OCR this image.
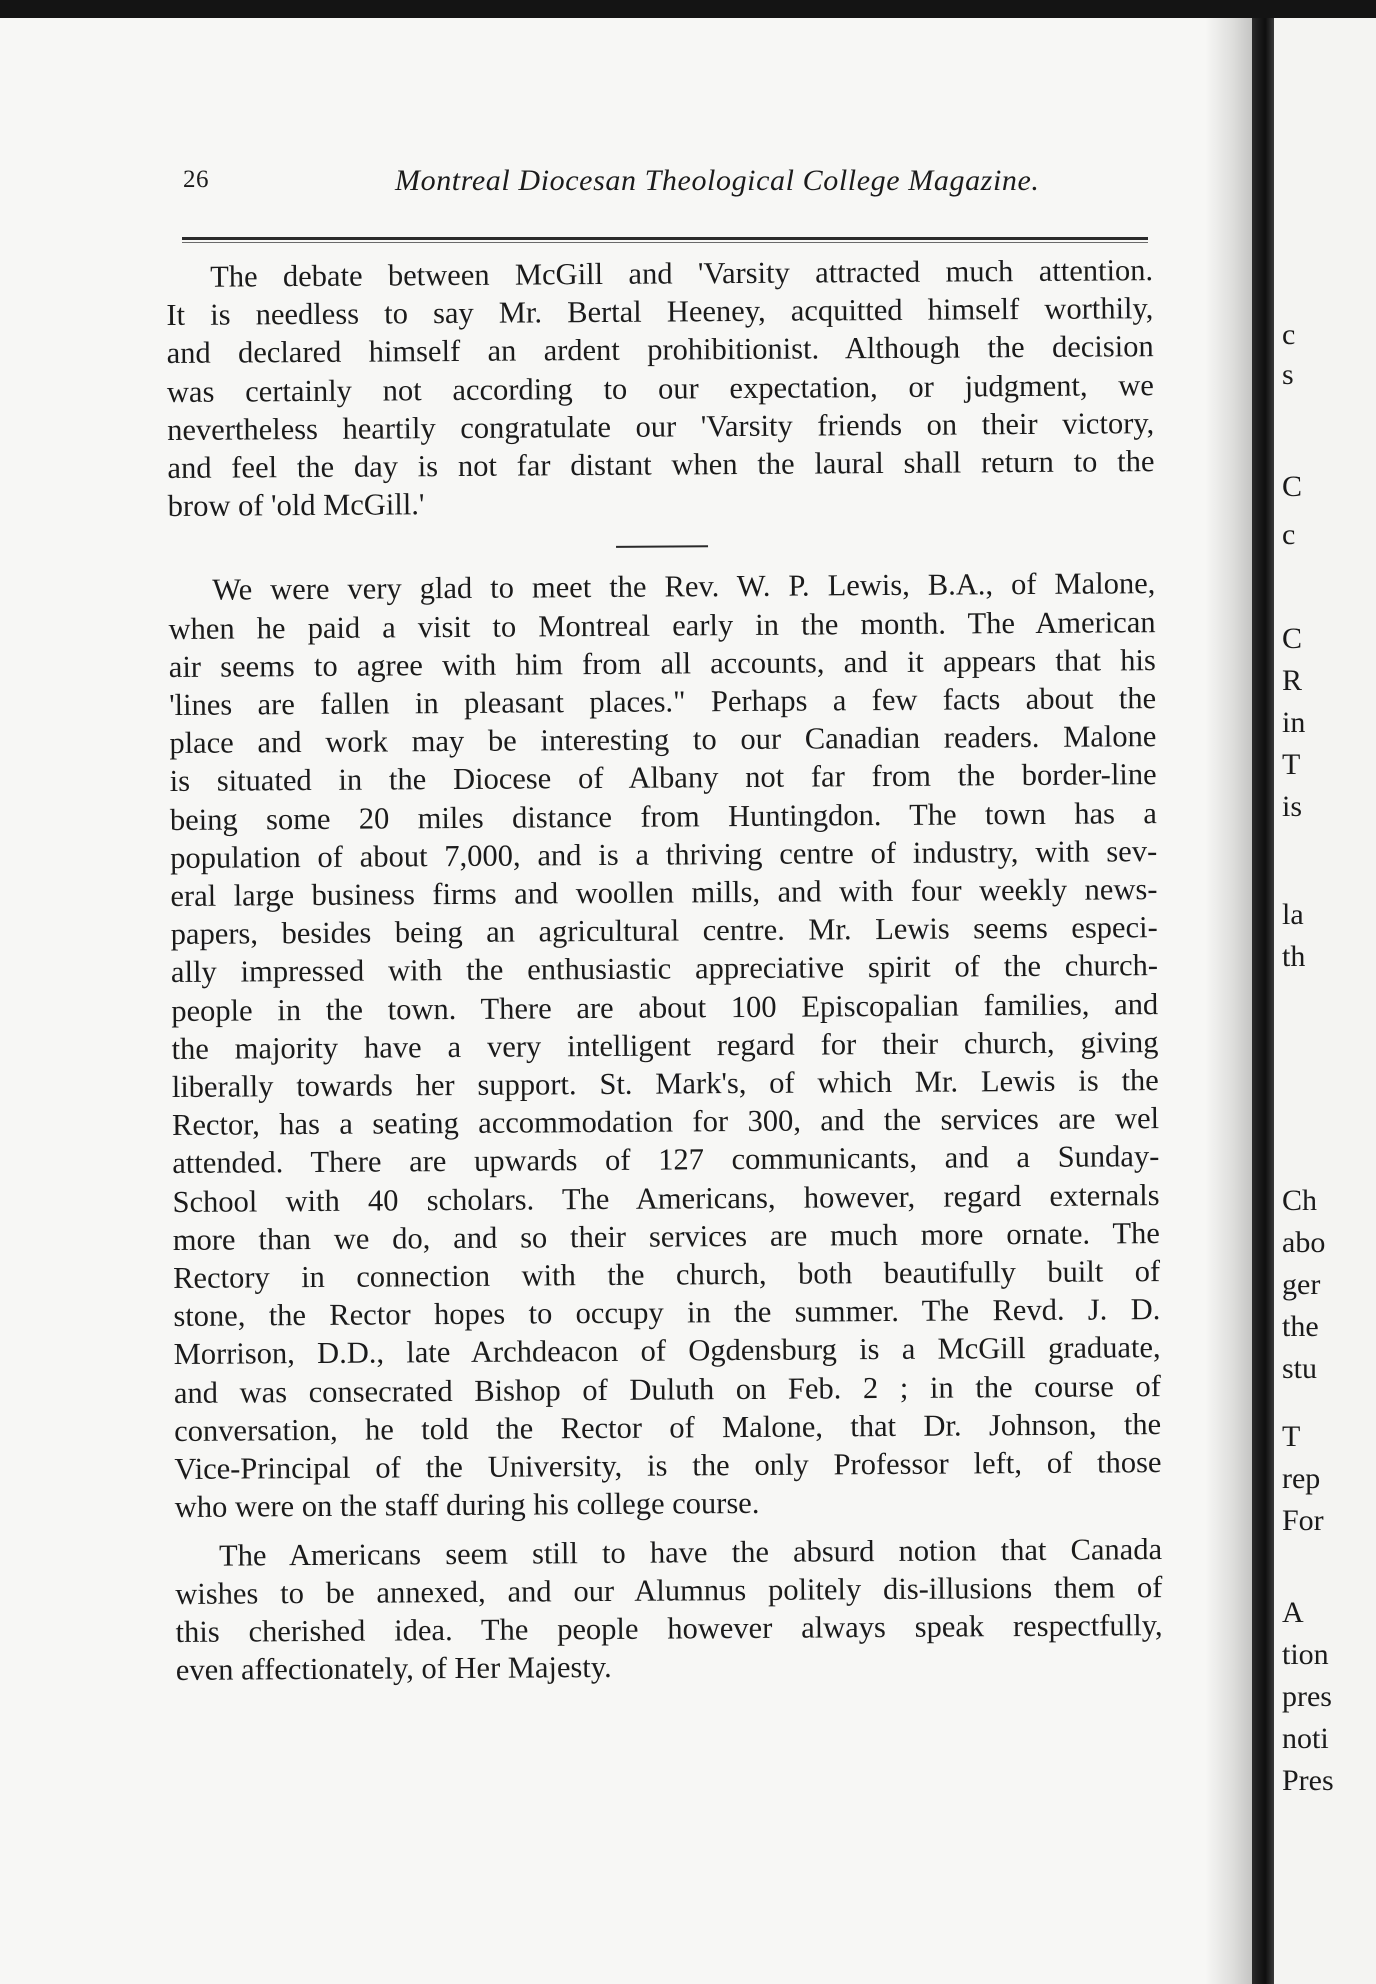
26	Montreal Diocesan Theological College Magazine.
The debate between McGill and 'Varsity attracted much attention.
It is needless to say Mr. Bertal Heeney, acquitted himself worthily,
and declared himself an ardent prohibitionist. Although the decision
was certainly not according to our expectation, or judgment, we
nevertheless heartily congratulate our 'Varsity friends on their victory,
and feel the day is not far distant when the laural shall return to the
brow of 'old McGill.'
We were very glad to meet the Rev. W. P. Lewis, B.A., of Malone,
when he paid a visit to Montreal early in the month. The American
air seems to agree with him from all accounts, and it appears that his
'lines are fallen in pleasant places." Perhaps a few facts about the
place and work may be interesting to our Canadian readers. Malone
is situated in the Diocese of Albany not far from the border-line
being some 20 miles distance from Huntingdon. The town has a
population of about 7,000, and is a thriving centre of industry, with sev-
eral large business firms and woollen mills, and with four weekly news-
papers, besides being an agricultural centre. Mr. Lewis seems especi-
ally impressed with the enthusiastic appreciative spirit of the church-
people in the town. There are about 100 Episcopalian families, and
the majority have a very intelligent regard for their church, giving
liberally towards her support. St. Mark's, of which Mr. Lewis is the
Rector, has a seating accommodation for 300, and the services are wel
attended. There are upwards of 127 communicants, and a Sunday-
School with 40 scholars. The Americans, however, regard externals
more than we do, and so their services are much more ornate. The
Rectory in connection with the church, both beautifully built of
stone, the Rector hopes to occupy in the summer. The Revd. J. D.
Morrison, D.D., late Archdeacon of Ogdensburg is a McGill graduate,
and was consecrated Bishop of Duluth on Feb. 2 ; in the course of
conversation, he told the Rector of Malone, that Dr. Johnson, the
Vice-Principal of the University, is the only Professor left, of those
who were on the staff during his college course.
The Americans seem still to have the absurd notion that Canada
wishes to be annexed, and our Alumnus politely dis-illusions them of
this cherished idea. The people however always speak respectfully,
even affectionately, of Her Majesty.
c
s
C
c
C
R
in
T
is
la
th
Ch
abo
ger
the
stu
T
rep
For
A
tion
pres
noti
Pres
